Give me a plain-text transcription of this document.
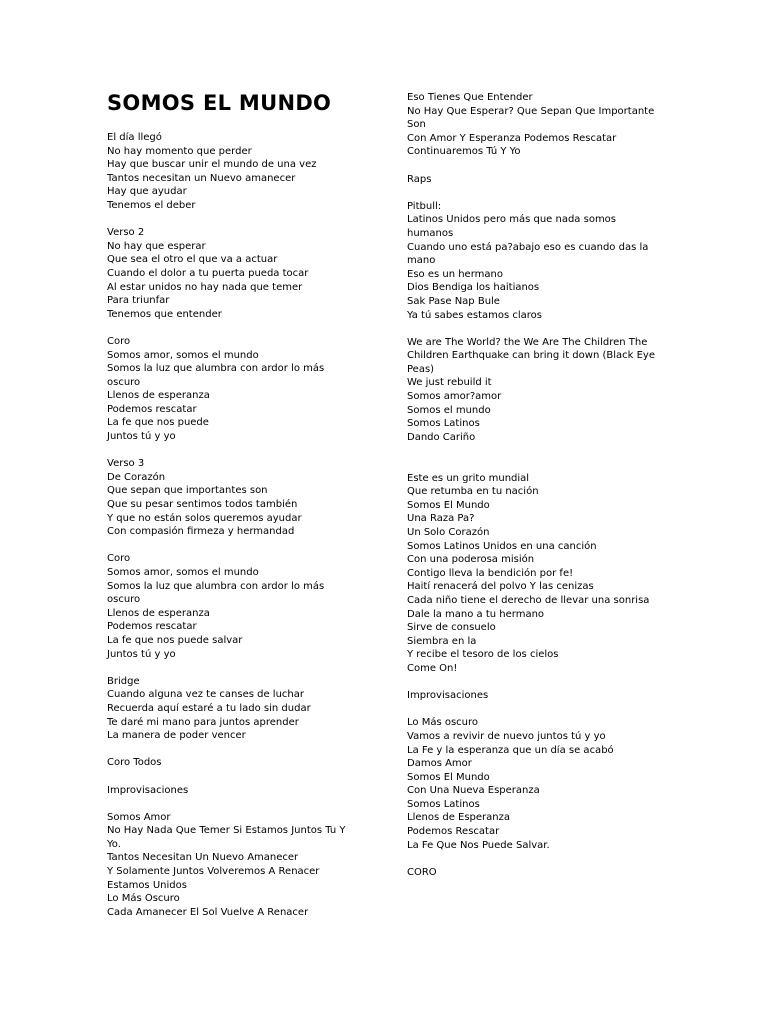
SOMOS EL MUNDO
El día llegó
No hay momento que perder
Hay que buscar unir el mundo de una vez
Tantos necesitan un Nuevo amanecer
Hay que ayudar
Tenemos el deber
Verso 2
No hay que esperar
Que sea el otro el que va a actuar
Cuando el dolor a tu puerta pueda tocar
Al estar unidos no hay nada que temer
Para triunfar
Tenemos que entender
Coro
Somos amor, somos el mundo
Somos la luz que alumbra con ardor lo más
oscuro
Llenos de esperanza
Podemos rescatar
La fe que nos puede
Juntos tú y yo
Verso 3
De Corazón
Que sepan que importantes son
Que su pesar sentimos todos también
Y que no están solos queremos ayudar
Con compasión firmeza y hermandad
Coro
Somos amor, somos el mundo
Somos la luz que alumbra con ardor lo más
oscuro
Llenos de esperanza
Podemos rescatar
La fe que nos puede salvar
Juntos tú y yo
Bridge
Cuando alguna vez te canses de luchar
Recuerda aquí estaré a tu lado sin dudar
Te daré mi mano para juntos aprender
La manera de poder vencer
Coro Todos
Improvisaciones
Somos Amor
No Hay Nada Que Temer Si Estamos Juntos Tu Y
Yo.
Tantos Necesitan Un Nuevo Amanecer
Y Solamente Juntos Volveremos A Renacer
Estamos Unidos
Lo Más Oscuro
Cada Amanecer El Sol Vuelve A Renacer
Eso Tienes Que Entender
No Hay Que Esperar? Que Sepan Que Importante
Son
Con Amor Y Esperanza Podemos Rescatar
Continuaremos Tú Y Yo
Raps
Pitbull:
Latinos Unidos pero más que nada somos
humanos
Cuando uno está pa?abajo eso es cuando das la
mano
Eso es un hermano
Dios Bendiga los haitianos
Sak Pase Nap Bule
Ya tú sabes estamos claros
We are The World? the We Are The Children The
Children Earthquake can bring it down (Black Eye
Peas)
We just rebuild it
Somos amor?amor
Somos el mundo
Somos Latinos
Dando Cariño
Este es un grito mundial
Que retumba en tu nación
Somos El Mundo
Una Raza Pa?
Un Solo Corazón
Somos Latinos Unidos en una canción
Con una poderosa misión
Contigo lleva la bendición por fe!
Haití renacerá del polvo Y las cenizas
Cada niño tiene el derecho de llevar una sonrisa
Dale la mano a tu hermano
Sirve de consuelo
Siembra en la
Y recibe el tesoro de los cielos
Come On!
Improvisaciones
Lo Más oscuro
Vamos a revivir de nuevo juntos tú y yo
La Fe y la esperanza que un día se acabó
Damos Amor
Somos El Mundo
Con Una Nueva Esperanza
Somos Latinos
Llenos de Esperanza
Podemos Rescatar
La Fe Que Nos Puede Salvar.
CORO
